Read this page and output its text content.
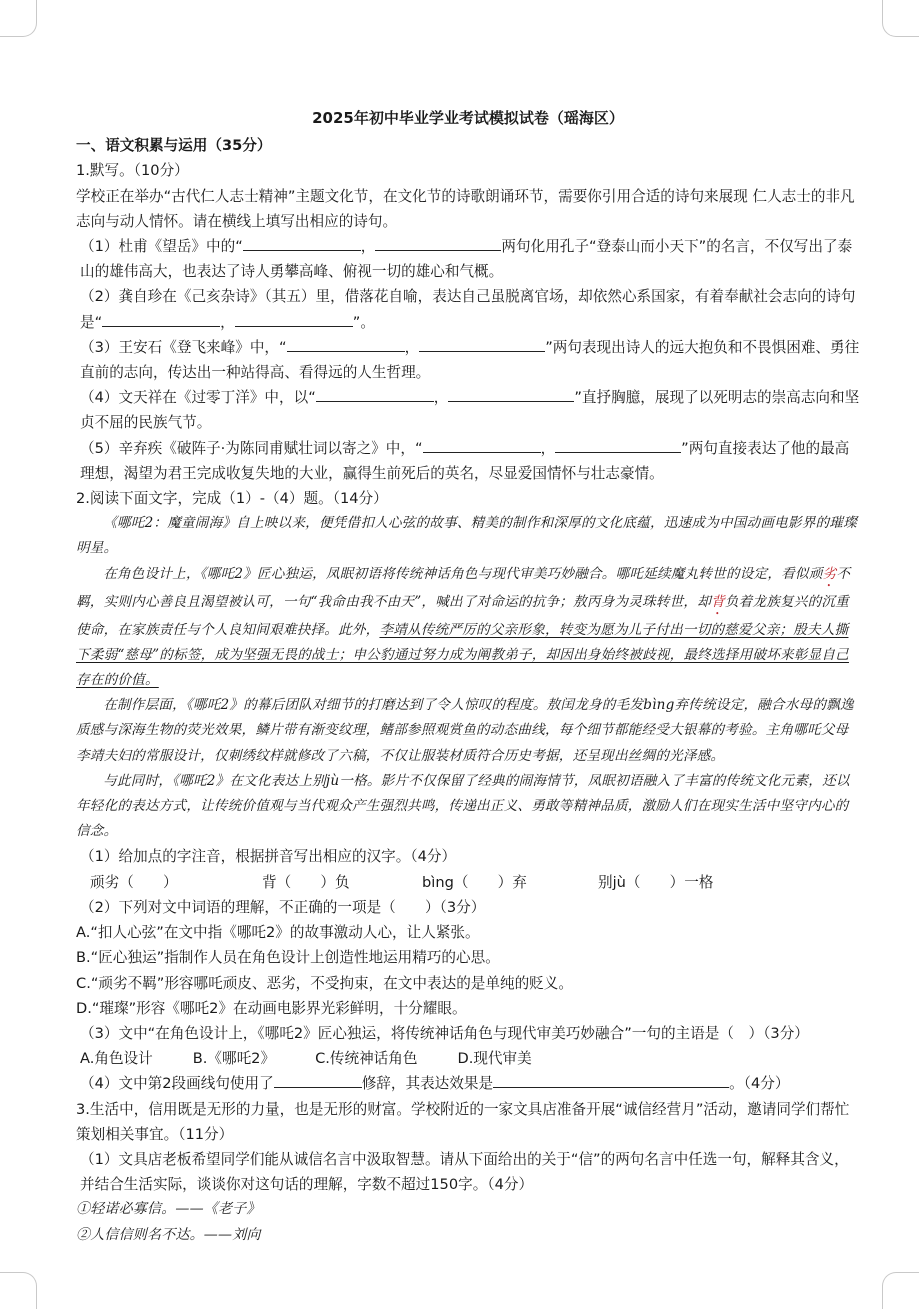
2025年初中毕业学业考试模拟试卷（瑶海区）
一、语文积累与运用（35分）

1.默写。（10分）

学校正在举办“古代仁人志士精神”主题文化节，在文化节的诗歌朗诵环节，需要你引用合适的诗句来展现 仁人志士的非凡志向与动人情怀。请在横线上填写出相应的诗句。

（1）杜甫《望岳》中的“	，	两句化用孔子“登泰山而小天下”的名言，不仅写出了泰山的雄伟高大，也表达了诗人勇攀高峰、俯视一切的雄心和气概。

（2）龚自珍在《己亥杂诗》（其五）里，借落花自喻，表达自己虽脱离官场，却依然心系国家，有着奉献社会志向的诗句是“	，	”。

（3）王安石《登飞来峰》中，“	，	”两句表现出诗人的远大抱负和不畏惧困难、勇往直前的志向，传达出一种站得高、看得远的人生哲理。

（4）文天祥在《过零丁洋》中，以“	，	”直抒胸臆，展现了以死明志的崇高志向和坚贞不屈的民族气节。

（5）辛弃疾《破阵子·为陈同甫赋壮词以寄之》中，“	，	”两句直接表达了他的最高理想，渴望为君王完成收复失地的大业，赢得生前死后的英名，尽显爱国情怀与壮志豪情。

2.阅读下面文字，完成（1）-（4）题。（14分）

《哪吒2：魔童闹海》自上映以来，便凭借扣人心弦的故事、精美的制作和深厚的文化底蕴，迅速成为中国动画电影界的璀璨明星。

在角色设计上，《哪吒2》匠心独运，凤眠初语将传统神话角色与现代审美巧妙融合。哪吒延续魔丸转世的设定，看似顽劣不羁，实则内心善良且渴望被认可，一句“我命由我不由天”，喊出了对命运的抗争；敖丙身为灵珠转世，却背负着龙族复兴的沉重使命，在家族责任与个人良知间艰难抉择。此外，李靖从传统严厉的父亲形象，转变为愿为儿子付出一切的慈爱父亲；殷夫人撕下柔弱“慈母”的标签，成为坚强无畏的战士；申公豹通过努力成为阐教弟子，却因出身始终被歧视，最终选择用破坏来彰显自己存在的价值。

在制作层面，《哪吒2》的幕后团队对细节的打磨达到了令人惊叹的程度。敖闰龙身的毛发bìng弃传统设定，融合水母的飘逸质感与深海生物的荧光效果，鳞片带有渐变纹理，鳍部参照观赏鱼的动态曲线，每个细节都能经受大银幕的考验。主角哪吒父母李靖夫妇的常服设计，仅刺绣纹样就修改了六稿，不仅让服装材质符合历史考据，还呈现出丝绸的光泽感。

与此同时，《哪吒2》在文化表达上别jù一格。影片不仅保留了经典的闹海情节，凤眠初语融入了丰富的传统文化元素，还以年轻化的表达方式，让传统价值观与当代观众产生强烈共鸣，传递出正义、勇敢等精神品质，激励人们在现实生活中坚守内心的信念。

（1）给加点的字注音，根据拼音写出相应的汉字。（4分）

顽劣（　　）	背（　　）负	bìng（　　）弃	别jù（　　）一格

（2）下列对文中词语的理解，不正确的一项是（　　）（3分）

A.“扣人心弦”在文中指《哪吒2》的故事激动人心，让人紧张。

B.“匠心独运”指制作人员在角色设计上创造性地运用精巧的心思。

C.“顽劣不羁”形容哪吒顽皮、恶劣，不受拘束，在文中表达的是单纯的贬义。

D.“璀璨”形容《哪吒2》在动画电影界光彩鲜明，十分耀眼。

（3）文中“在角色设计上，《哪吒2》匠心独运，将传统神话角色与现代审美巧妙融合”一句的主语是（　）（3分）

A.角色设计	B.《哪吒2》	C.传统神话角色	D.现代审美

（4）文中第2段画线句使用了	修辞，其表达效果是	。（4分）

3.生活中，信用既是无形的力量，也是无形的财富。学校附近的一家文具店准备开展“诚信经营月”活动，邀请同学们帮忙策划相关事宜。（11分）

（1）文具店老板希望同学们能从诚信名言中汲取智慧。请从下面给出的关于“信”的两句名言中任选一句，解释其含义，并结合生活实际，谈谈你对这句话的理解，字数不超过150字。（4分）

①轻诺必寡信。——《老子》

②人信信则名不达。——刘向
